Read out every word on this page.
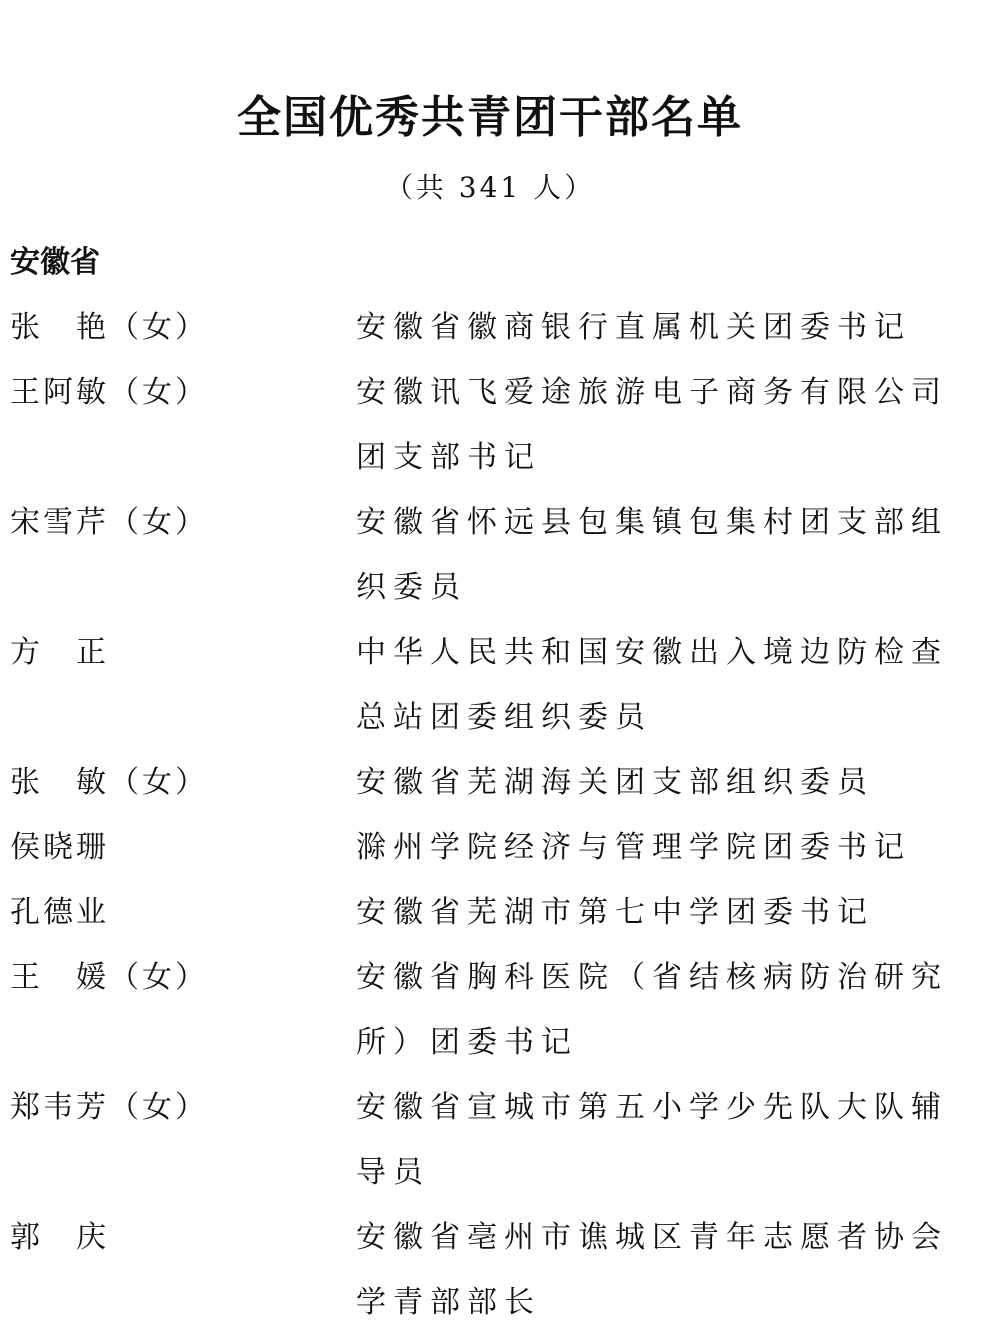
全国优秀共青团干部名单
（共 341 人）
安徽省
张　艳（女）	安徽省徽商银行直属机关团委书记
王阿敏（女）	安徽讯飞爱途旅游电子商务有限公司团支部书记
宋雪芹（女）	安徽省怀远县包集镇包集村团支部组织委员
方　正	中华人民共和国安徽出入境边防检查总站团委组织委员
张　敏（女）	安徽省芜湖海关团支部组织委员
侯晓珊	滁州学院经济与管理学院团委书记
孔德业	安徽省芜湖市第七中学团委书记
王　媛（女）	安徽省胸科医院（省结核病防治研究所）团委书记
郑韦芳（女）	安徽省宣城市第五小学少先队大队辅导员
郭　庆	安徽省亳州市谯城区青年志愿者协会学青部部长
